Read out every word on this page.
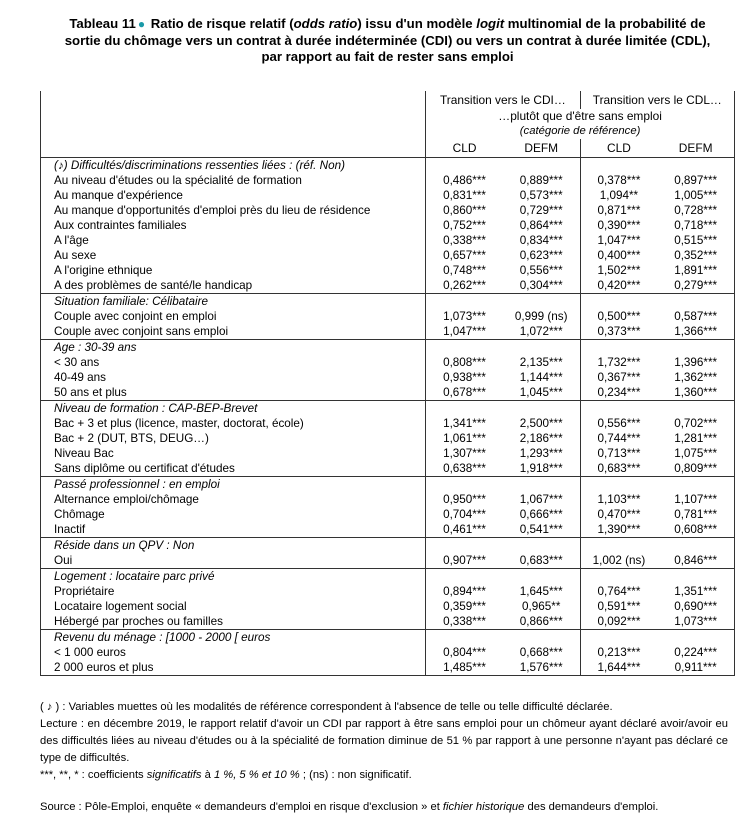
Tableau 11 ● Ratio de risque relatif (odds ratio) issu d'un modèle logit multinomial de la probabilité de sortie du chômage vers un contrat à durée indéterminée (CDI) ou vers un contrat à durée limitée (CDL), par rapport au fait de rester sans emploi
	Transition vers le CDI…		Transition vers le CDL…	
	…plutôt que d'être sans emploi			
	(catégorie de référence)			
	CLD	DEFM	CLD	DEFM
(♪) Difficultés/discriminations ressenties liées : (réf. Non)				
Au niveau d'études ou la spécialité de formation	0,486***	0,889***	0,378***	0,897***
Au manque d'expérience	0,831***	0,573***	1,094**	1,005***
Au manque d'opportunités d'emploi près du lieu de résidence	0,860***	0,729***	0,871***	0,728***
Aux contraintes familiales	0,752***	0,864***	0,390***	0,718***
A l'âge	0,338***	0,834***	1,047***	0,515***
Au sexe	0,657***	0,623***	0,400***	0,352***
A l'origine ethnique	0,748***	0,556***	1,502***	1,891***
A des problèmes de santé/le handicap	0,262***	0,304***	0,420***	0,279***
Situation familiale: Célibataire				
Couple avec conjoint en emploi	1,073***	0,999 (ns)	0,500***	0,587***
Couple avec conjoint sans emploi	1,047***	1,072***	0,373***	1,366***
Age : 30-39 ans				
< 30 ans	0,808***	2,135***	1,732***	1,396***
40-49 ans	0,938***	1,144***	0,367***	1,362***
50 ans et plus	0,678***	1,045***	0,234***	1,360***
Niveau de formation : CAP-BEP-Brevet				
Bac + 3 et plus (licence, master, doctorat, école)	1,341***	2,500***	0,556***	0,702***
Bac + 2 (DUT, BTS, DEUG…)	1,061***	2,186***	0,744***	1,281***
Niveau Bac	1,307***	1,293***	0,713***	1,075***
Sans diplôme ou certificat d'études	0,638***	1,918***	0,683***	0,809***
Passé professionnel : en emploi				
Alternance emploi/chômage	0,950***	1,067***	1,103***	1,107***
Chômage	0,704***	0,666***	0,470***	0,781***
Inactif	0,461***	0,541***	1,390***	0,608***
Réside dans un QPV : Non				
Oui	0,907***	0,683***	1,002 (ns)	0,846***
Logement : locataire parc privé				
Propriétaire	0,894***	1,645***	0,764***	1,351***
Locataire logement social	0,359***	0,965**	0,591***	0,690***
Hébergé par proches ou familles	0,338***	0,866***	0,092***	1,073***
Revenu du ménage : [1000 - 2000 [ euros				
< 1 000 euros	0,804***	0,668***	0,213***	0,224***
2 000 euros et plus	1,485***	1,576***	1,644***	0,911***

( ♪ ) : Variables muettes où les modalités de référence correspondent à l'absence de telle ou telle difficulté déclarée.

Lecture : en décembre 2019, le rapport relatif d'avoir un CDI par rapport à être sans emploi pour un chômeur ayant déclaré avoir/avoir eu des difficultés liées au niveau d'études ou à la spécialité de formation diminue de 51 % par rapport à une personne n'ayant pas déclaré ce type de difficultés.

***, **, * : coefficients significatifs à 1 %, 5 % et 10 % ; (ns) : non significatif.

Source : Pôle-Emploi, enquête « demandeurs d'emploi en risque d'exclusion » et fichier historique des demandeurs d'emploi.
